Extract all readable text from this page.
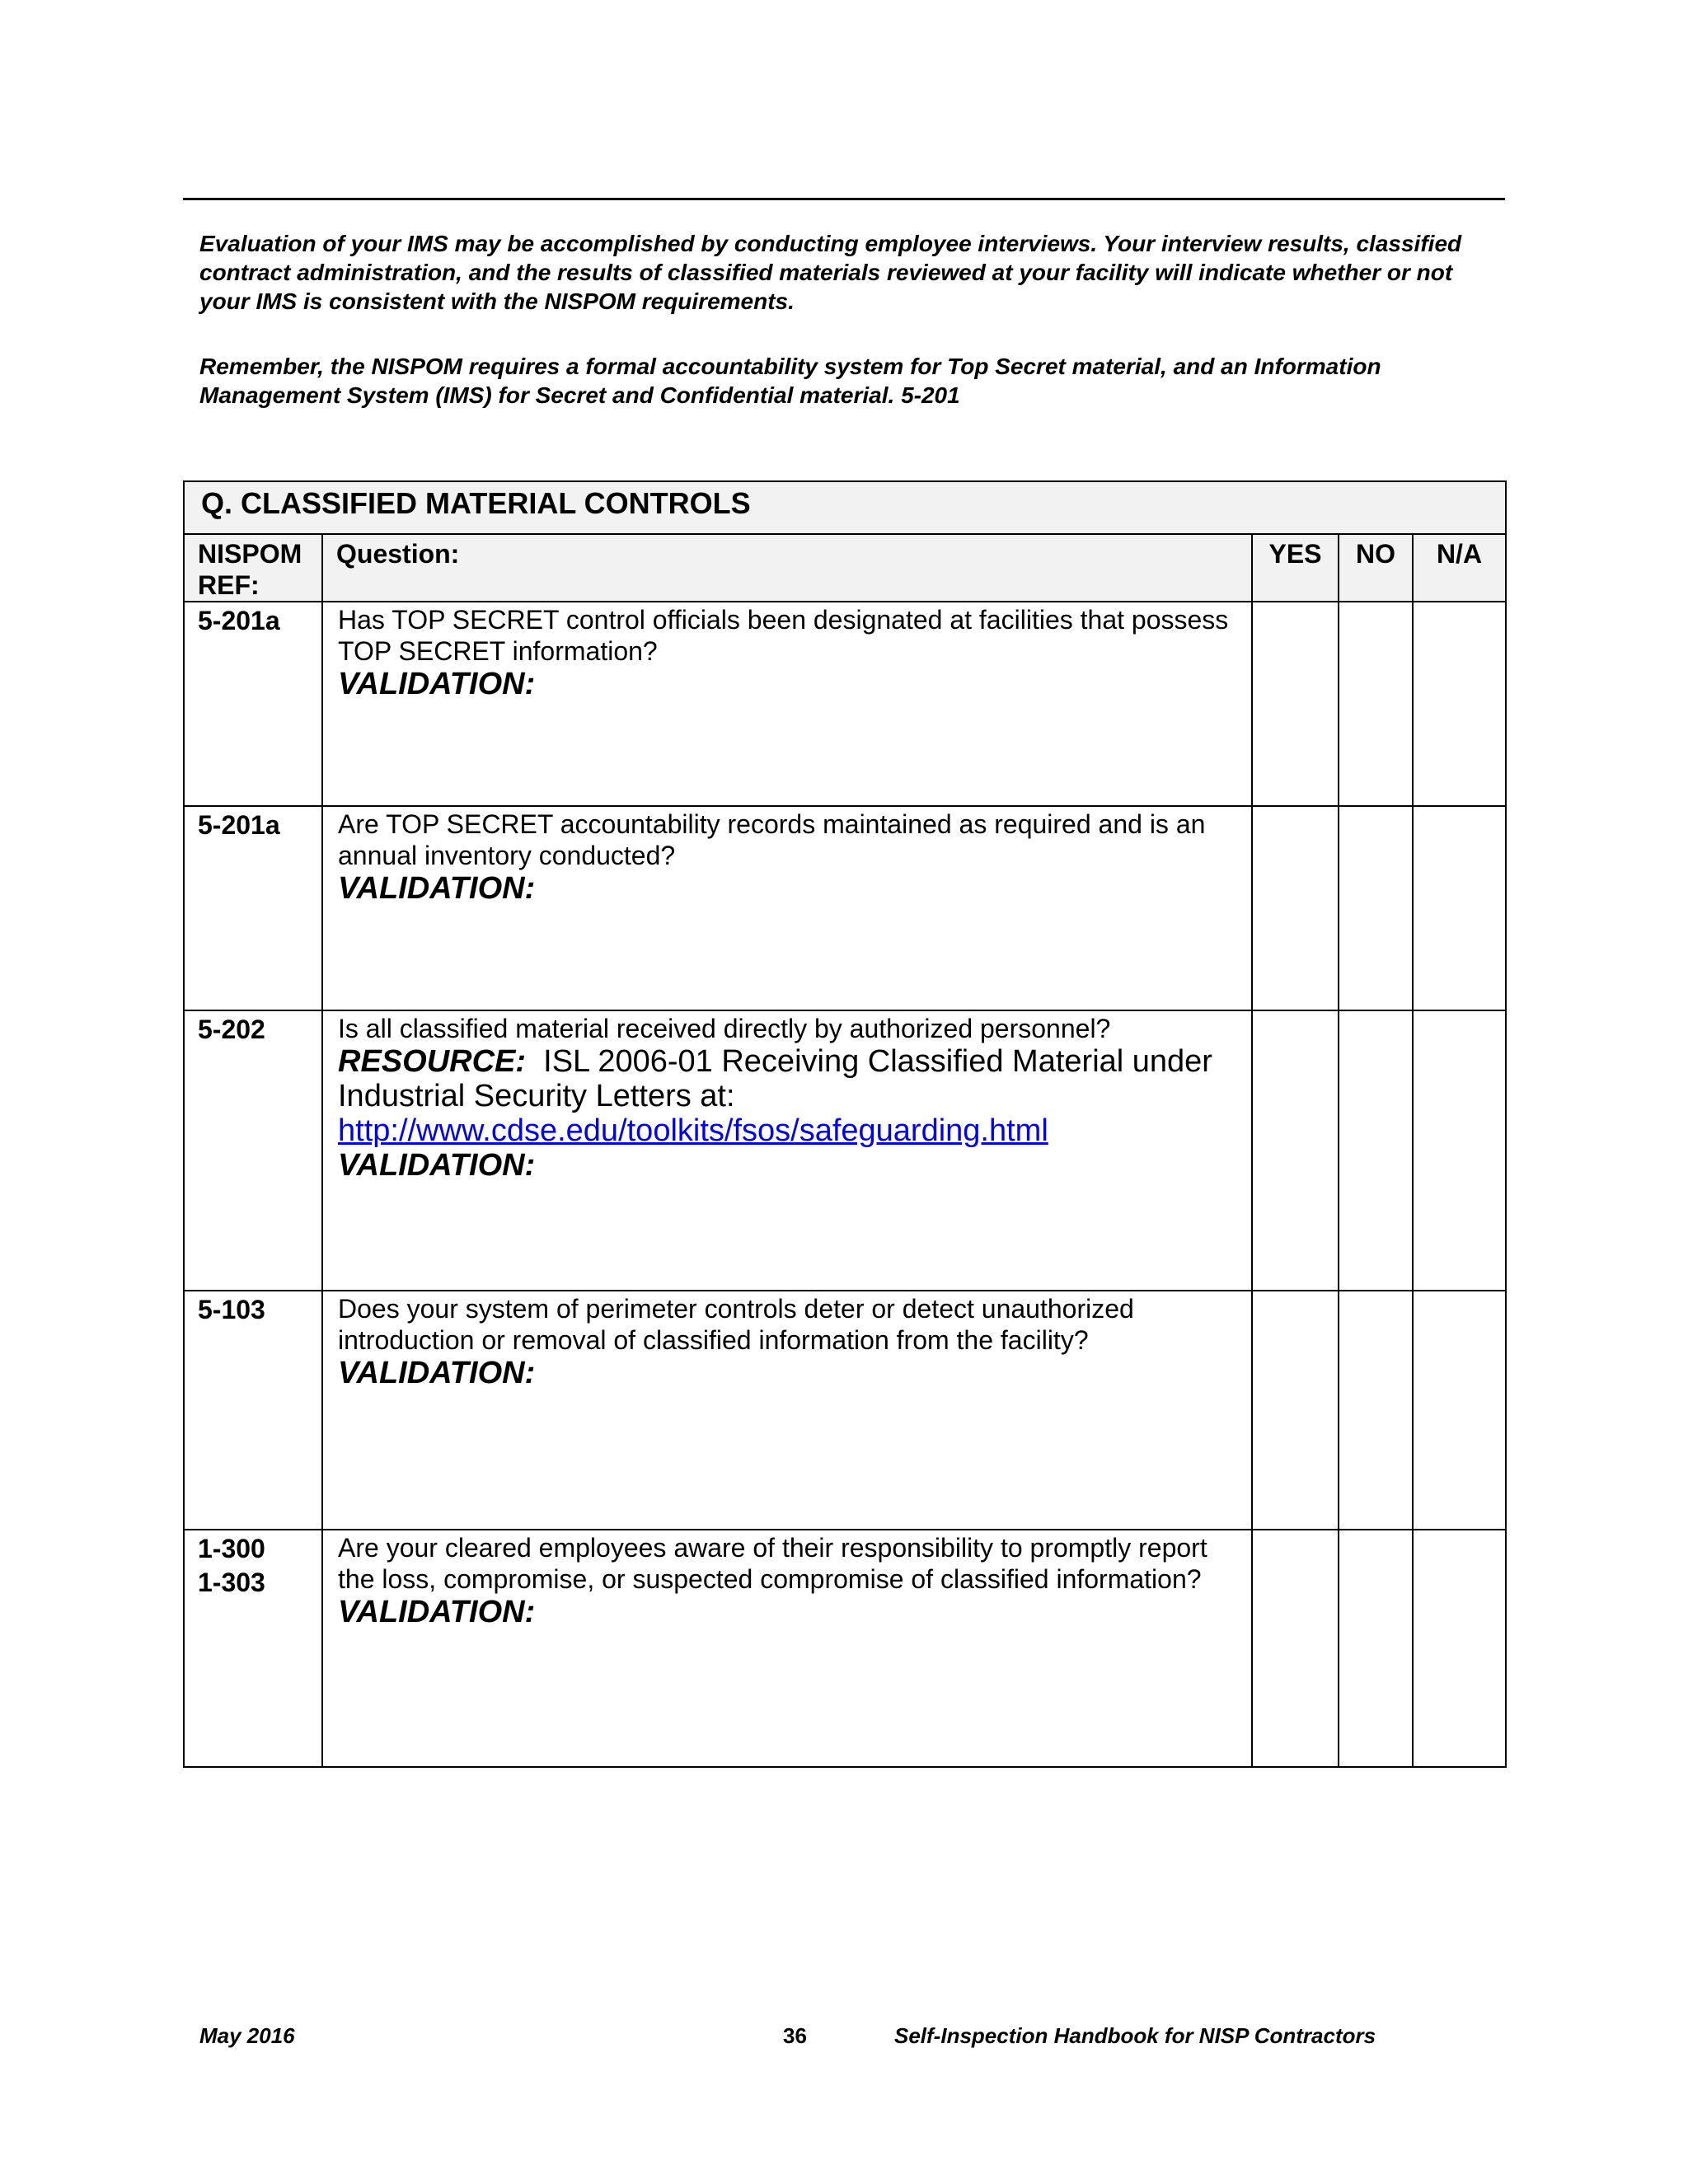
Evaluation of your IMS may be accomplished by conducting employee interviews. Your interview results, classified contract administration, and the results of classified materials reviewed at your facility will indicate whether or not your IMS is consistent with the NISPOM requirements.

Remember, the NISPOM requires a formal accountability system for Top Secret material, and an Information Management System (IMS) for Secret and Confidential material. 5-201

Q. CLASSIFIED MATERIAL CONTROLS				

NISPOM
REF:	Question:	YES	NO	N/A

5-201a	Has TOP SECRET control officials been designated at facilities that possess TOP SECRET information?
VALIDATION:			

5-201a	Are TOP SECRET accountability records maintained as required and is an annual inventory conducted?
VALIDATION:			

5-202	Is all classified material received directly by authorized personnel?
RESOURCE: ISL 2006-01 Receiving Classified Material under Industrial Security Letters at:
http://www.cdse.edu/toolkits/fsos/safeguarding.html
VALIDATION:			

5-103	Does your system of perimeter controls deter or detect unauthorized introduction or removal of classified information from the facility?
VALIDATION:			

1-300
1-303	Are your cleared employees aware of their responsibility to promptly report the loss, compromise, or suspected compromise of classified information?
VALIDATION:			

May 2016	36	Self-Inspection Handbook for NISP Contractors
